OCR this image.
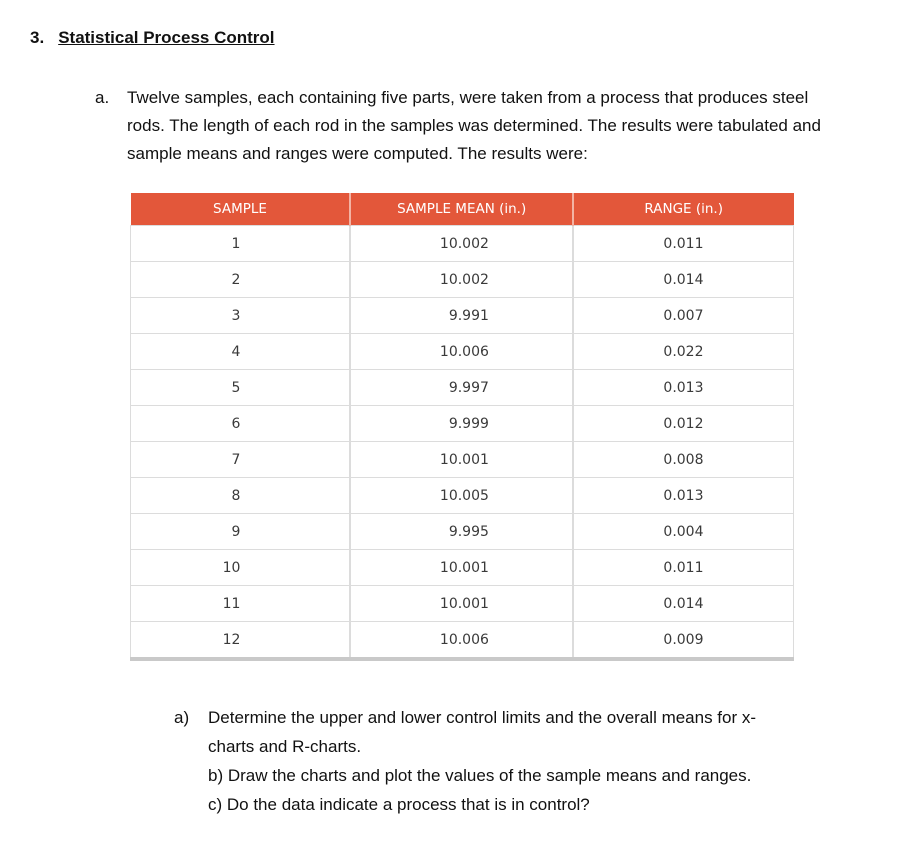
3. Statistical Process Control
a.	Twelve samples, each containing five parts, were taken from a process that produces steel rods. The length of each rod in the samples was determined. The results were tabulated and sample means and ranges were computed. The results were:
SAMPLE	SAMPLE MEAN (in.)	RANGE (in.)
1	10.002	0.011
2	10.002	0.014
3	9.991	0.007
4	10.006	0.022
5	9.997	0.013
6	9.999	0.012
7	10.001	0.008
8	10.005	0.013
9	9.995	0.004
10	10.001	0.011
11	10.001	0.014
12	10.006	0.009
a)	Determine the upper and lower control limits and the overall means for x-
charts and R-charts.
b) Draw the charts and plot the values of the sample means and ranges.
c) Do the data indicate a process that is in control?
